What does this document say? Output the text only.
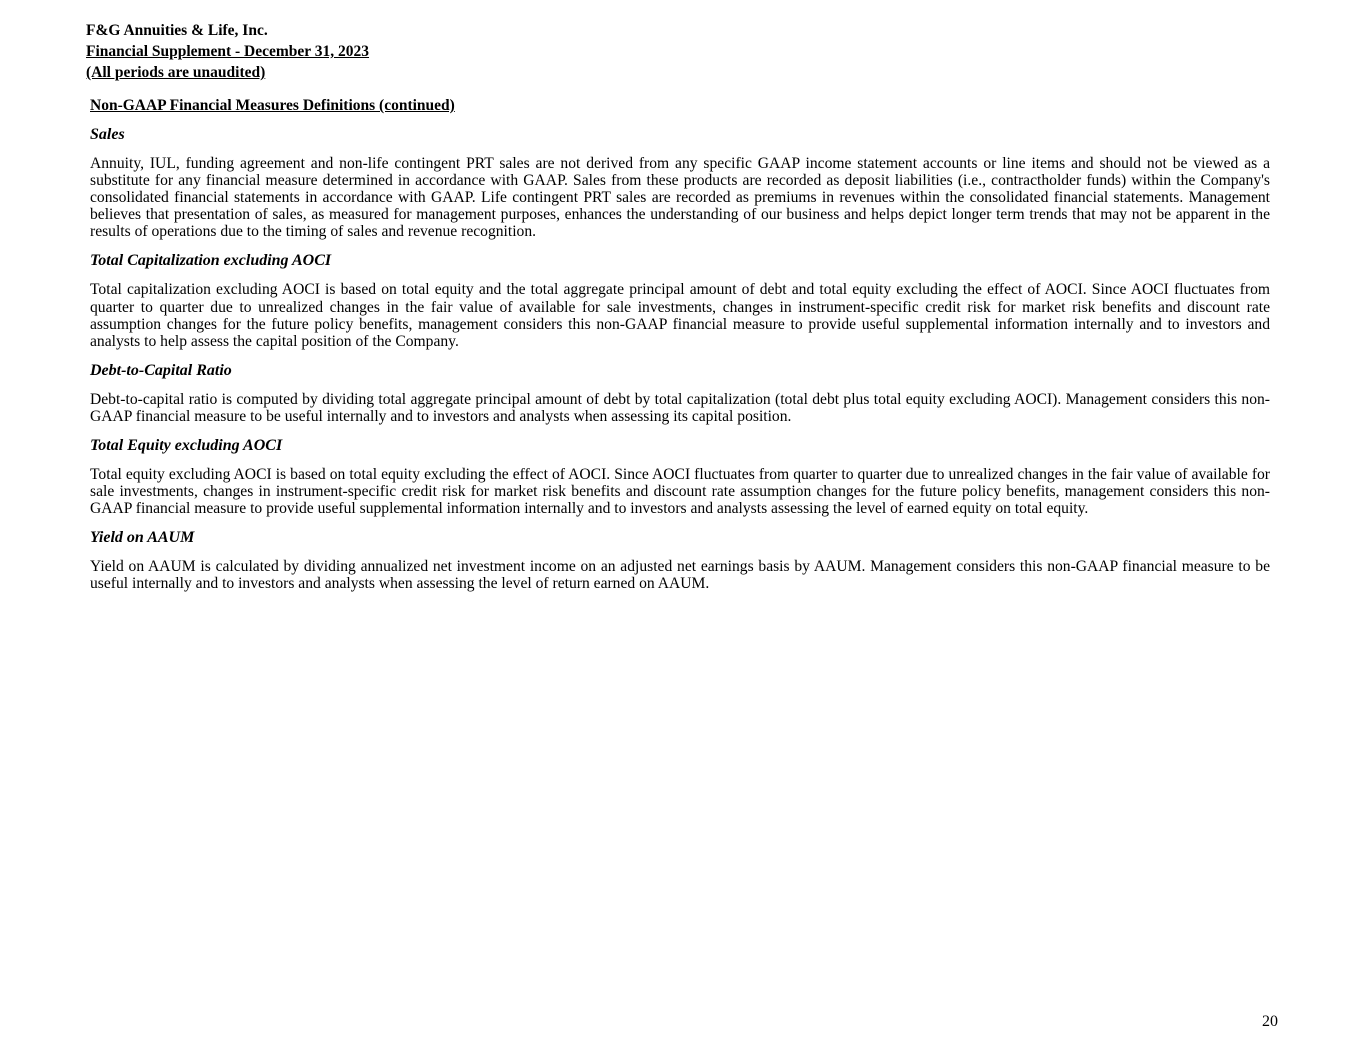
F&G Annuities & Life, Inc.
Financial Supplement - December 31, 2023
(All periods are unaudited)
Non-GAAP Financial Measures Definitions (continued)
Sales
Annuity, IUL, funding agreement and non-life contingent PRT sales are not derived from any specific GAAP income statement accounts or line items and should not be viewed as a substitute for any financial measure determined in accordance with GAAP. Sales from these products are recorded as deposit liabilities (i.e., contractholder funds) within the Company's consolidated financial statements in accordance with GAAP. Life contingent PRT sales are recorded as premiums in revenues within the consolidated financial statements. Management believes that presentation of sales, as measured for management purposes, enhances the understanding of our business and helps depict longer term trends that may not be apparent in the results of operations due to the timing of sales and revenue recognition.
Total Capitalization excluding AOCI
Total capitalization excluding AOCI is based on total equity and the total aggregate principal amount of debt and total equity excluding the effect of AOCI. Since AOCI fluctuates from quarter to quarter due to unrealized changes in the fair value of available for sale investments, changes in instrument-specific credit risk for market risk benefits and discount rate assumption changes for the future policy benefits, management considers this non-GAAP financial measure to provide useful supplemental information internally and to investors and analysts to help assess the capital position of the Company.
Debt-to-Capital Ratio
Debt-to-capital ratio is computed by dividing total aggregate principal amount of debt by total capitalization (total debt plus total equity excluding AOCI). Management considers this non-GAAP financial measure to be useful internally and to investors and analysts when assessing its capital position.
Total Equity excluding AOCI
Total equity excluding AOCI is based on total equity excluding the effect of AOCI. Since AOCI fluctuates from quarter to quarter due to unrealized changes in the fair value of available for sale investments, changes in instrument-specific credit risk for market risk benefits and discount rate assumption changes for the future policy benefits, management considers this non-GAAP financial measure to provide useful supplemental information internally and to investors and analysts assessing the level of earned equity on total equity.
Yield on AAUM
Yield on AAUM is calculated by dividing annualized net investment income on an adjusted net earnings basis by AAUM. Management considers this non-GAAP financial measure to be useful internally and to investors and analysts when assessing the level of return earned on AAUM.
20
